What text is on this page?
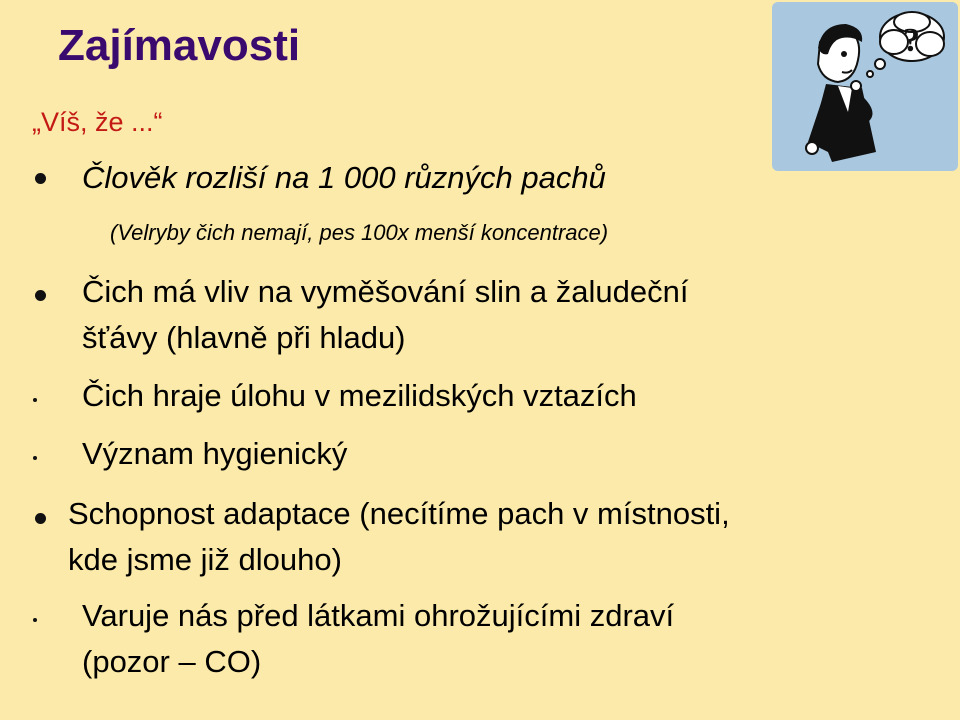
Zajímavosti
„Víš, že ...“
Člověk rozliší na 1 000 různých pachů
(Velryby čich nemají, pes 100x menší koncentrace)
Čich má vliv na vyměšování slin a žaludeční
šťávy (hlavně při hladu)
Čich hraje úlohu v mezilidských vztazích
Význam hygienický
Schopnost adaptace (necítíme pach v místnosti,
kde jsme již dlouho)
Varuje nás před látkami ohrožujícími zdraví
(pozor – CO)
?
